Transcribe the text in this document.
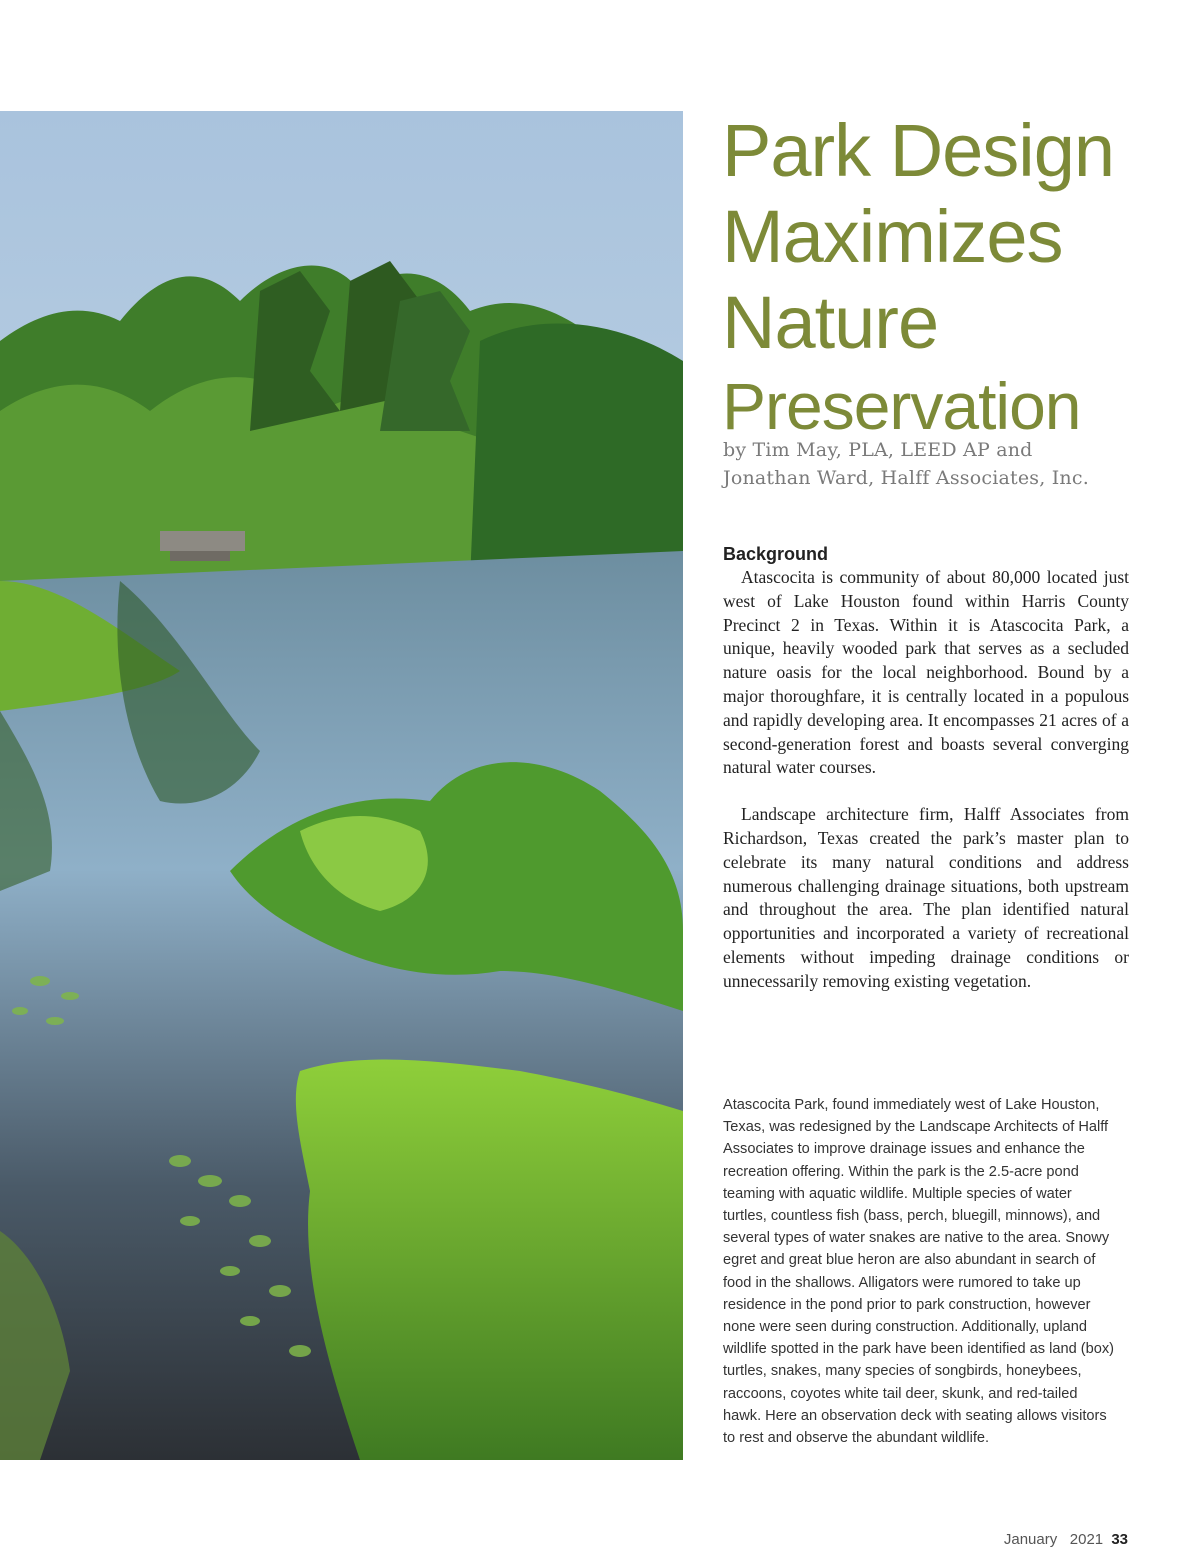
Park Design
Maximizes
Nature
Preservation
by Tim May, PLA, LEED AP and
Jonathan Ward, Halff Associates, Inc.
Background

Atascocita is community of about 80,000 located just west of Lake Houston found within Harris County Precinct 2 in Texas. Within it is Atascocita Park, a unique, heavily wooded park that serves as a secluded nature oasis for the local neighborhood. Bound by a major thoroughfare, it is centrally located in a populous and rapidly developing area. It encompasses 21 acres of a second-generation forest and boasts several converging natural water courses.

Landscape architecture firm, Halff Associates from Richardson, Texas created the park’s master plan to celebrate its many natural conditions and address numerous challenging drainage situations, both upstream and throughout the area. The plan identified natural opportunities and incorporated a variety of recreational elements without impeding drainage conditions or unnecessarily removing existing vegetation.

Atascocita Park, found immediately west of Lake Houston, Texas, was redesigned by the Landscape Architects of Halff Associates to improve drainage issues and enhance the recreation offering. Within the park is the 2.5-acre pond teaming with aquatic wildlife. Multiple species of water turtles, countless fish (bass, perch, bluegill, minnows), and several types of water snakes are native to the area. Snowy egret and great blue heron are also abundant in search of food in the shallows. Alligators were rumored to take up residence in the pond prior to park construction, however none were seen during construction. Additionally, upland wildlife spotted in the park have been identified as land (box) turtles, snakes, many species of songbirds, honeybees, raccoons, coyotes white tail deer, skunk, and red-tailed hawk. Here an observation deck with seating allows visitors to rest and observe the abundant wildlife.

January 2021 33
